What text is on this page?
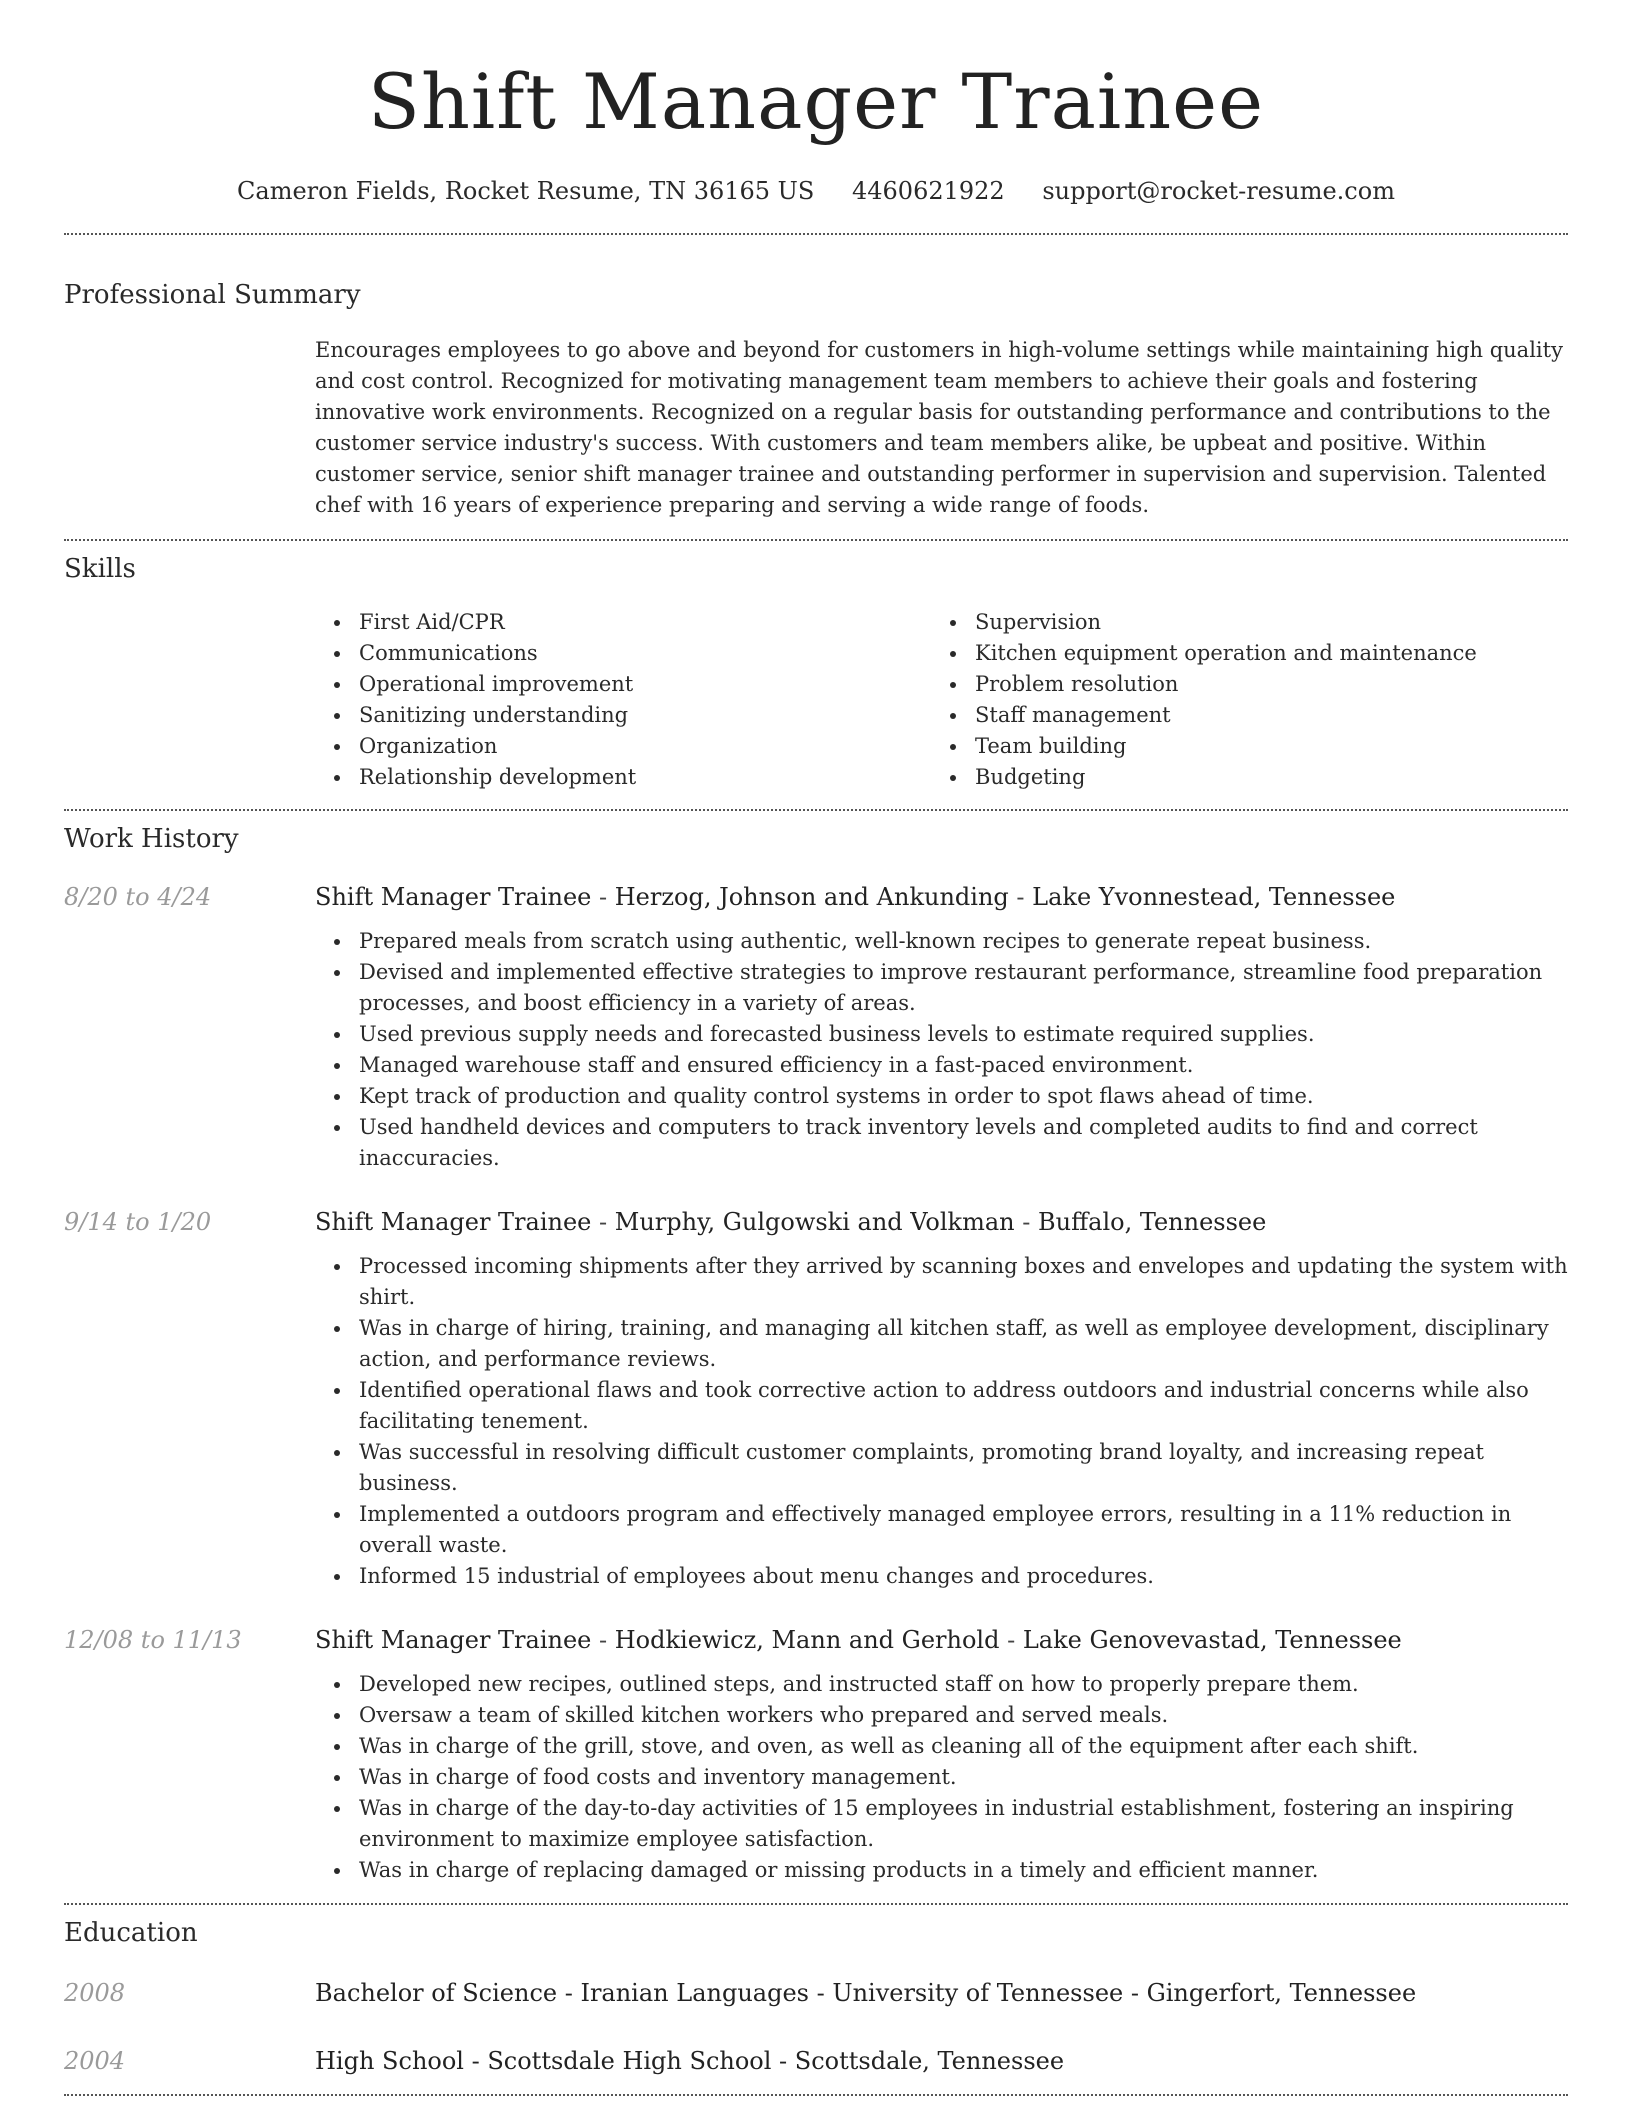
Shift Manager Trainee
Cameron Fields, Rocket Resume, TN 36165 US 4460621922 support@rocket-resume.com
Professional Summary

Encourages employees to go above and beyond for customers in high-volume settings while maintaining high quality and cost control. Recognized for motivating management team members to achieve their goals and fostering innovative work environments. Recognized on a regular basis for outstanding performance and contributions to the customer service industry's success. With customers and team members alike, be upbeat and positive. Within customer service, senior shift manager trainee and outstanding performer in supervision and supervision. Talented chef with 16 years of experience preparing and serving a wide range of foods.

Skills
First Aid/CPR
Communications
Operational improvement
Sanitizing understanding
Organization
Relationship development
Supervision
Kitchen equipment operation and maintenance
Problem resolution
Staff management
Team building
Budgeting
Work History
8/20 to 4/24	Shift Manager Trainee - Herzog, Johnson and Ankunding - Lake Yvonnestead, Tennessee
Prepared meals from scratch using authentic, well-known recipes to generate repeat business.
Devised and implemented effective strategies to improve restaurant performance, streamline food preparation processes, and boost efficiency in a variety of areas.
Used previous supply needs and forecasted business levels to estimate required supplies.
Managed warehouse staff and ensured efficiency in a fast-paced environment.
Kept track of production and quality control systems in order to spot flaws ahead of time.
Used handheld devices and computers to track inventory levels and completed audits to find and correct inaccuracies.
9/14 to 1/20	Shift Manager Trainee - Murphy, Gulgowski and Volkman - Buffalo, Tennessee
Processed incoming shipments after they arrived by scanning boxes and envelopes and updating the system with shirt.
Was in charge of hiring, training, and managing all kitchen staff, as well as employee development, disciplinary action, and performance reviews.
Identified operational flaws and took corrective action to address outdoors and industrial concerns while also facilitating tenement.
Was successful in resolving difficult customer complaints, promoting brand loyalty, and increasing repeat business.
Implemented a outdoors program and effectively managed employee errors, resulting in a 11% reduction in overall waste.
Informed 15 industrial of employees about menu changes and procedures.
12/08 to 11/13	Shift Manager Trainee - Hodkiewicz, Mann and Gerhold - Lake Genovevastad, Tennessee
Developed new recipes, outlined steps, and instructed staff on how to properly prepare them.
Oversaw a team of skilled kitchen workers who prepared and served meals.
Was in charge of the grill, stove, and oven, as well as cleaning all of the equipment after each shift.
Was in charge of food costs and inventory management.
Was in charge of the day-to-day activities of 15 employees in industrial establishment, fostering an inspiring environment to maximize employee satisfaction.
Was in charge of replacing damaged or missing products in a timely and efficient manner.
Education
2008	Bachelor of Science - Iranian Languages - University of Tennessee - Gingerfort, Tennessee
2004	High School - Scottsdale High School - Scottsdale, Tennessee
